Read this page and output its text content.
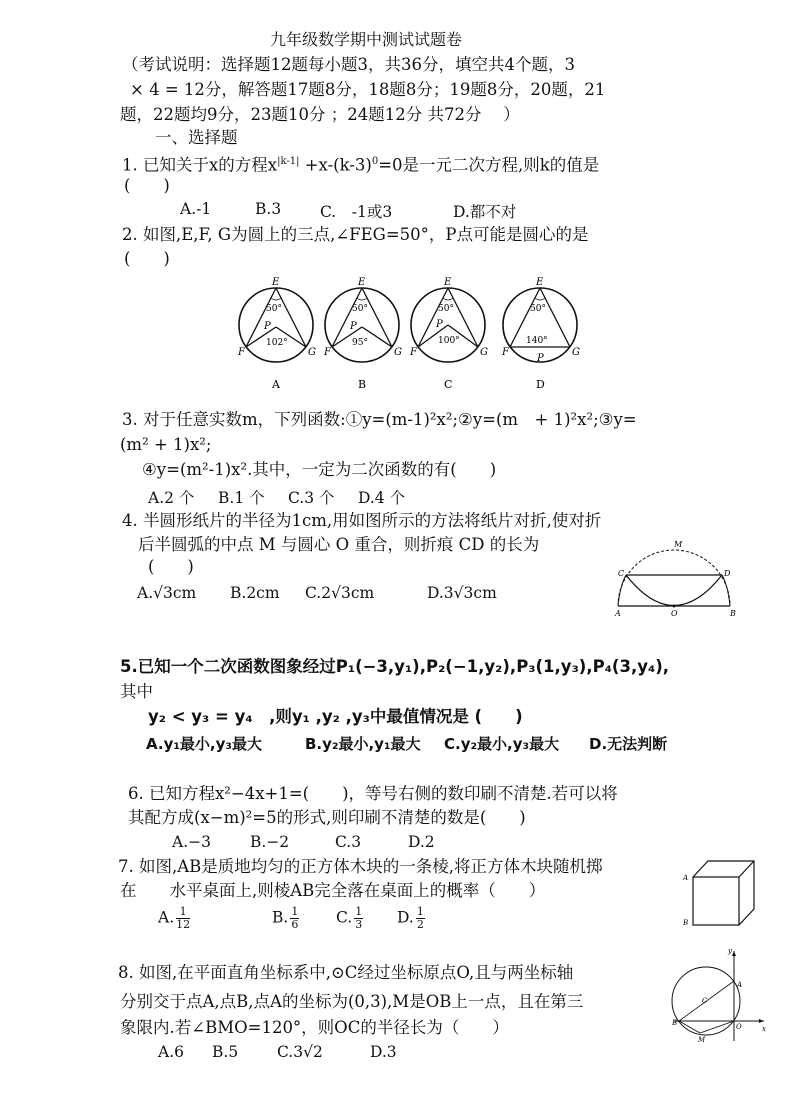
九年级数学期中测试试题卷
（考试说明：选择题12题每小题3，共36分，填空共4个题，3
× 4 = 12分，解答题17题8分，18题8分；19题8分，20题，21
题，22题均9分，23题10分 ；24题12分 共72分　 ）
一、选择题
1. 已知关于x的方程$x^{|k-1|} +x-(k-3)^0=0$是一元二次方程,则k的值是
(　　)
A.-1	B.3	C.　-1或3	D.都不对
2. 如图,E,F, G为圆上的三点,∠FEG=50°，P点可能是圆心的是
(　　)
E
50°
P
102°
F	G
A
E
50°
P
95°
F	G
B
E
50°
P
100°
F	G
C
E
50°
P
140°
F	G
D
3. 对于任意实数m，下列函数:①y=(m-1)²x²;②y=(m　+ 1)²x²;③y=
(m² + 1)x²;
④y=(m²-1)x².其中，一定为二次函数的有(　　)
A.2 个 B.1 个 C.3 个 D.4 个
4. 半圆形纸片的半径为1cm,用如图所示的方法将纸片对折,使对折
后半圆弧的中点 M 与圆心 O 重合，则折痕 CD 的长为
(　　)
A.√3cm B.2cm C.2√3cm	D.3√3cm
M
C	D
A	O	B
5.已知一个二次函数图象经过P₁(−3,y₁),P₂(−1,y₂),P₃(1,y₃),P₄(3,y₄),
其中
y₂ < y₃ = y₄　,则y₁ ,y₂ ,y₃中最值情况是 (　　)
A.y₁最小,y₃最大	B.y₂最小,y₁最大 C.y₂最小,y₃最大 D.无法判断
6. 已知方程x²−4x+1=(　　)，等号右侧的数印刷不清楚.若可以将
其配方成(x−m)²=5的形式,则印刷不清楚的数是(　　)
A.−3	B.−2	C.3	D.2
7. 如图,AB是质地均匀的正方体木块的一条棱,将正方体木块随机掷
在　　水平桌面上,则棱AB完全落在桌面上的概率（　　）
A. $\frac{1}{12}$	B. $\frac{1}{6} C$. $\frac{1}{3} D$. $\frac{1}{2}$
A
B
8. 如图,在平面直角坐标系中,⊙C经过坐标原点O,且与两坐标轴
分别交于点A,点B,点A的坐标为(0,3),M是OB上一点，且在第三
象限内.若∠BMO=120°，则OC的半径长为（　　）
A.6 B.5	C.3√2	D.3
y
x
A
C
B	O
M
